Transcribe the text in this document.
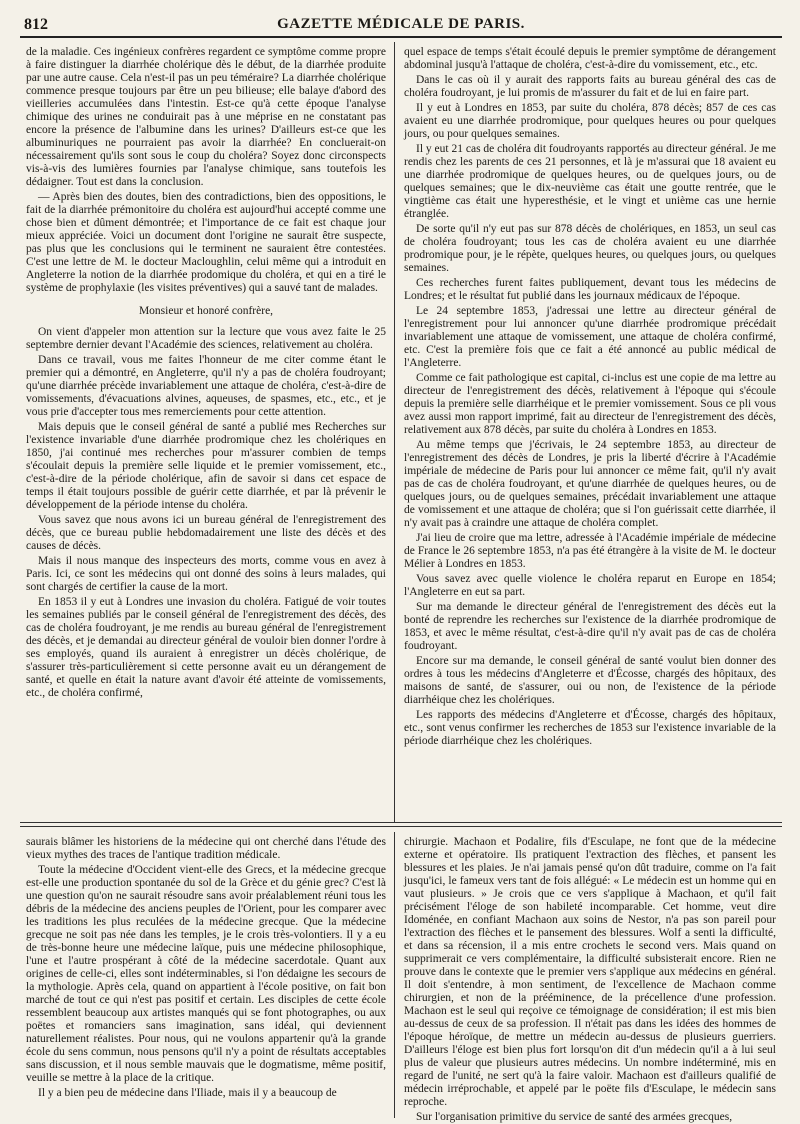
812	GAZETTE MÉDICALE DE PARIS.

de la maladie. Ces ingénieux confrères regardent ce symptôme comme propre à faire distinguer la diarrhée cholérique dès le début, de la diarrhée produite par une autre cause. Cela n'est-il pas un peu téméraire? La diarrhée cholérique commence presque toujours par être un peu bilieuse; elle balaye d'abord des vieilleries accumulées dans l'intestin. Est-ce qu'à cette époque l'analyse chimique des urines ne conduirait pas à une méprise en ne constatant pas encore la présence de l'albumine dans les urines? D'ailleurs est-ce que les albuminuriques ne pourraient pas avoir la diarrhée? En concluerait-on nécessairement qu'ils sont sous le coup du choléra? Soyez donc circonspects vis-à-vis des lumières fournies par l'analyse chimique, sans toutefois les dédaigner. Tout est dans la conclusion.

— Après bien des doutes, bien des contradictions, bien des oppositions, le fait de la diarrhée prémonitoire du choléra est aujourd'hui accepté comme une chose bien et dûment démontrée; et l'importance de ce fait est chaque jour mieux appréciée. Voici un document dont l'origine ne saurait être suspecte, pas plus que les conclusions qui le terminent ne sauraient être contestées. C'est une lettre de M. le docteur Macloughlin, celui même qui a introduit en Angleterre la notion de la diarrhée prodomique du choléra, et qui en a tiré le système de prophylaxie (les visites préventives) qui a sauvé tant de malades.

Monsieur et honoré confrère,

On vient d'appeler mon attention sur la lecture que vous avez faite le 25 septembre dernier devant l'Académie des sciences, relativement au choléra.

Dans ce travail, vous me faites l'honneur de me citer comme étant le premier qui a démontré, en Angleterre, qu'il n'y a pas de choléra foudroyant; qu'une diarrhée précède invariablement une attaque de choléra, c'est-à-dire de vomissements, d'évacuations alvines, aqueuses, de spasmes, etc., etc., et je vous prie d'accepter tous mes remerciements pour cette attention.

Mais depuis que le conseil général de santé a publié mes Recherches sur l'existence invariable d'une diarrhée prodromique chez les cholériques en 1850, j'ai continué mes recherches pour m'assurer combien de temps s'écoulait depuis la première selle liquide et le premier vomissement, etc., c'est-à-dire de la période cholérique, afin de savoir si dans cet espace de temps il était toujours possible de guérir cette diarrhée, et par là prévenir le développement de la période intense du choléra.

Vous savez que nous avons ici un bureau général de l'enregistrement des décès, que ce bureau publie hebdomadairement une liste des décès et des causes de décès.

Mais il nous manque des inspecteurs des morts, comme vous en avez à Paris. Ici, ce sont les médecins qui ont donné des soins à leurs malades, qui sont chargés de certifier la cause de la mort.

En 1853 il y eut à Londres une invasion du choléra. Fatigué de voir toutes les semaines publiés par le conseil général de l'enregistrement des décès, des cas de choléra foudroyant, je me rendis au bureau général de l'enregistrement des décès, et je demandai au directeur général de vouloir bien donner l'ordre à ses employés, quand ils auraient à enregistrer un décès cholérique, de s'assurer très-particulièrement si cette personne avait eu un dérangement de santé, et quelle en était la nature avant d'avoir été atteinte de vomissements, etc., de choléra confirmé,

quel espace de temps s'était écoulé depuis le premier symptôme de dérangement abdominal jusqu'à l'attaque de choléra, c'est-à-dire du vomissement, etc., etc.

Dans le cas où il y aurait des rapports faits au bureau général des cas de choléra foudroyant, je lui promis de m'assurer du fait et de lui en faire part.

Il y eut à Londres en 1853, par suite du choléra, 878 décès; 857 de ces cas avaient eu une diarrhée prodromique, pour quelques heures ou pour quelques jours, ou pour quelques semaines.

Il y eut 21 cas de choléra dit foudroyants rapportés au directeur général. Je me rendis chez les parents de ces 21 personnes, et là je m'assurai que 18 avaient eu une diarrhée prodromique de quelques heures, ou de quelques jours, ou de quelques semaines; que le dix-neuvième cas était une goutte rentrée, que le vingtième cas était une hyperesthésie, et le vingt et unième cas une hernie étranglée.

De sorte qu'il n'y eut pas sur 878 décès de cholériques, en 1853, un seul cas de choléra foudroyant; tous les cas de choléra avaient eu une diarrhée prodromique pour, je le répète, quelques heures, ou quelques jours, ou quelques semaines.

Ces recherches furent faites publiquement, devant tous les médecins de Londres; et le résultat fut publié dans les journaux médicaux de l'époque.

Le 24 septembre 1853, j'adressai une lettre au directeur général de l'enregistrement pour lui annoncer qu'une diarrhée prodromique précédait invariablement une attaque de vomissement, une attaque de choléra confirmé, etc. C'est la première fois que ce fait a été annoncé au public médical de l'Angleterre.

Comme ce fait pathologique est capital, ci-inclus est une copie de ma lettre au directeur de l'enregistrement des décès, relativement à l'époque qui s'écoule depuis la première selle diarrhéique et le premier vomissement. Sous ce pli vous avez aussi mon rapport imprimé, fait au directeur de l'enregistrement des décès, relativement aux 878 décès, par suite du choléra à Londres en 1853.

Au même temps que j'écrivais, le 24 septembre 1853, au directeur de l'enregistrement des décès de Londres, je pris la liberté d'écrire à l'Académie impériale de médecine de Paris pour lui annoncer ce même fait, qu'il n'y avait pas de cas de choléra foudroyant, et qu'une diarrhée de quelques heures, ou de quelques jours, ou de quelques semaines, précédait invariablement une attaque de vomissement et une attaque de choléra; que si l'on guérissait cette diarrhée, il n'y avait pas à craindre une attaque de choléra complet.

J'ai lieu de croire que ma lettre, adressée à l'Académie impériale de médecine de France le 26 septembre 1853, n'a pas été étrangère à la visite de M. le docteur Mélier à Londres en 1853.

Vous savez avec quelle violence le choléra reparut en Europe en 1854; l'Angleterre en eut sa part.

Sur ma demande le directeur général de l'enregistrement des décès eut la bonté de reprendre les recherches sur l'existence de la diarrhée prodromique de 1853, et avec le même résultat, c'est-à-dire qu'il n'y avait pas de cas de choléra foudroyant.

Encore sur ma demande, le conseil général de santé voulut bien donner des ordres à tous les médecins d'Angleterre et d'Écosse, chargés des hôpitaux, des maisons de santé, de s'assurer, oui ou non, de l'existence de la période diarrhéique chez les cholériques.

Les rapports des médecins d'Angleterre et d'Écosse, chargés des hôpitaux, etc., sont venus confirmer les recherches de 1853 sur l'existence invariable de la période diarrhéique chez les cholériques.

saurais blâmer les historiens de la médecine qui ont cherché dans l'étude des vieux mythes des traces de l'antique tradition médicale.

Toute la médecine d'Occident vient-elle des Grecs, et la médecine grecque est-elle une production spontanée du sol de la Grèce et du génie grec? C'est là une question qu'on ne saurait résoudre sans avoir préalablement réuni tous les débris de la médecine des anciens peuples de l'Orient, pour les comparer avec les traditions les plus reculées de la médecine grecque. Que la médecine grecque ne soit pas née dans les temples, je le crois très-volontiers. Il y a eu de très-bonne heure une médecine laïque, puis une médecine philosophique, l'une et l'autre prospérant à côté de la médecine sacerdotale. Quant aux origines de celle-ci, elles sont indéterminables, si l'on dédaigne les secours de la mythologie. Après cela, quand on appartient à l'école positive, on fait bon marché de tout ce qui n'est pas positif et certain. Les disciples de cette école ressemblent beaucoup aux artistes manqués qui se font photographes, ou aux poëtes et romanciers sans imagination, sans idéal, qui deviennent naturellement réalistes. Pour nous, qui ne voulons appartenir qu'à la grande école du sens commun, nous pensons qu'il n'y a point de résultats acceptables sans discussion, et il nous semble mauvais que le dogmatisme, même positif, veuille se mettre à la place de la critique.

Il y a bien peu de médecine dans l'Iliade, mais il y a beaucoup de

chirurgie. Machaon et Podalire, fils d'Esculape, ne font que de la médecine externe et opératoire. Ils pratiquent l'extraction des flèches, et pansent les blessures et les plaies. Je n'ai jamais pensé qu'on dût traduire, comme on l'a fait jusqu'ici, le fameux vers tant de fois allégué: « Le médecin est un homme qui en vaut plusieurs. » Je crois que ce vers s'applique à Machaon, et qu'il fait précisément l'éloge de son habileté incomparable. Cet homme, veut dire Idoménée, en confiant Machaon aux soins de Nestor, n'a pas son pareil pour l'extraction des flèches et le pansement des blessures. Wolf a senti la difficulté, et dans sa récension, il a mis entre crochets le second vers. Mais quand on supprimerait ce vers complémentaire, la difficulté subsisterait encore. Rien ne prouve dans le contexte que le premier vers s'applique aux médecins en général. Il doit s'entendre, à mon sentiment, de l'excellence de Machaon comme chirurgien, et non de la prééminence, de la précellence d'une profession. Machaon est le seul qui reçoive ce témoignage de considération; il est mis bien au-dessus de ceux de sa profession. Il n'était pas dans les idées des hommes de l'époque héroïque, de mettre un médecin au-dessus de plusieurs guerriers. D'ailleurs l'éloge est bien plus fort lorsqu'on dit d'un médecin qu'il a à lui seul plus de valeur que plusieurs autres médecins. Un nombre indéterminé, mis en regard de l'unité, ne sert qu'à la faire valoir. Machaon est d'ailleurs qualifié de médecin irréprochable, et appelé par le poëte fils d'Esculape, le médecin sans reproche.

Sur l'organisation primitive du service de santé des armées grecques,
